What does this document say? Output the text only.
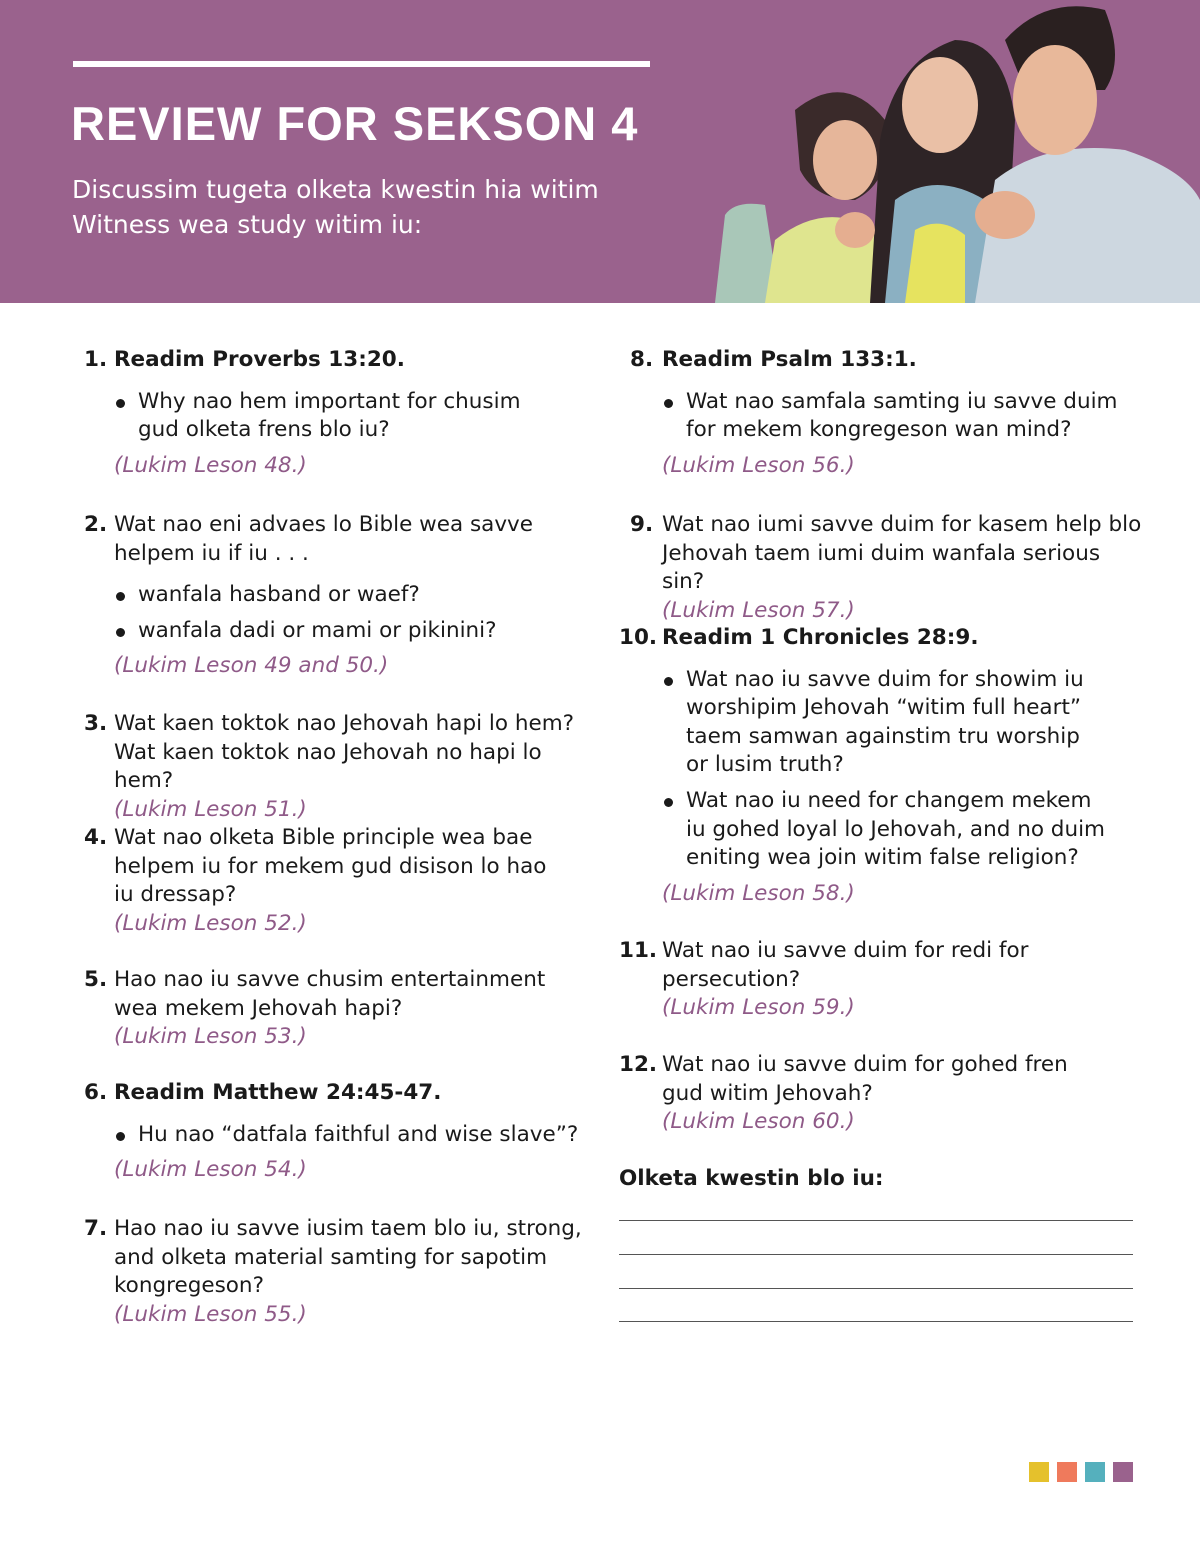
REVIEW FOR SEKSON 4
Discussim tugeta olketa kwestin hia witim
Witness wea study witim iu:
1. Readim Proverbs 13:20.
Why nao hem important for chusim
gud olketa frens blo iu?
(Lukim Leson 48.)
2. Wat nao eni advaes lo Bible wea savve
helpem iu if iu . . .
wanfala hasband or waef?
wanfala dadi or mami or pikinini?
(Lukim Leson 49 and 50.)
3. Wat kaen toktok nao Jehovah hapi lo hem?
Wat kaen toktok nao Jehovah no hapi lo hem?
(Lukim Leson 51.)
4. Wat nao olketa Bible principle wea bae
helpem iu for mekem gud disison lo hao
iu dressap?
(Lukim Leson 52.)
5. Hao nao iu savve chusim entertainment
wea mekem Jehovah hapi?
(Lukim Leson 53.)
6. Readim Matthew 24:45-47.
Hu nao “datfala faithful and wise slave”?
(Lukim Leson 54.)
7. Hao nao iu savve iusim taem blo iu, strong,
and olketa material samting for sapotim
kongregeson?
(Lukim Leson 55.)
8. Readim Psalm 133:1.
Wat nao samfala samting iu savve duim
for mekem kongregeson wan mind?
(Lukim Leson 56.)
9. Wat nao iumi savve duim for kasem help blo
Jehovah taem iumi duim wanfala serious sin?
(Lukim Leson 57.)
10. Readim 1 Chronicles 28:9.
Wat nao iu savve duim for showim iu
worshipim Jehovah “witim full heart”
taem samwan againstim tru worship
or lusim truth?
Wat nao iu need for changem mekem
iu gohed loyal lo Jehovah, and no duim
eniting wea join witim false religion?
(Lukim Leson 58.)
11. Wat nao iu savve duim for redi for
persecution?
(Lukim Leson 59.)
12. Wat nao iu savve duim for gohed fren
gud witim Jehovah?
(Lukim Leson 60.)
Olketa kwestin blo iu:
